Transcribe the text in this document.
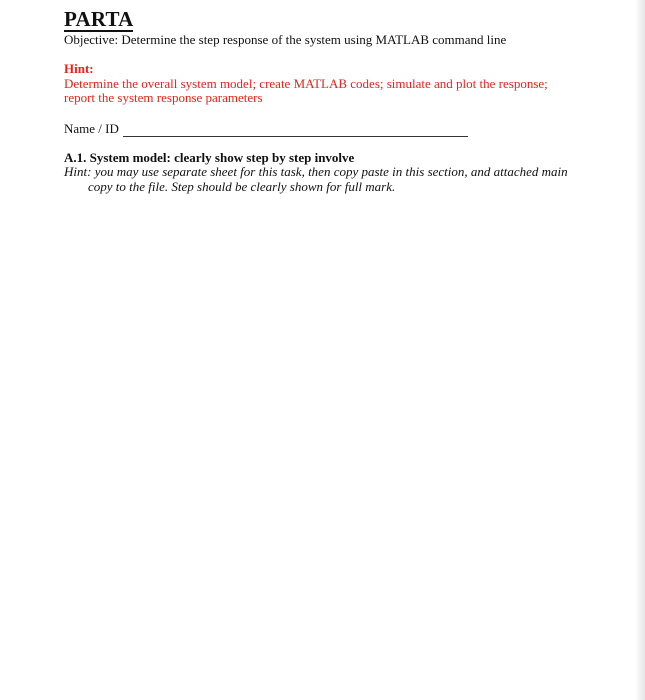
PARTA
Objective: Determine the step response of the system using MATLAB command line
Hint:
Determine the overall system model; create MATLAB codes; simulate and plot the response;
report the system response parameters
Name / ID
A.1. System model: clearly show step by step involve
Hint: you may use separate sheet for this task, then copy paste in this section, and attached main
copy to the file. Step should be clearly shown for full mark.
